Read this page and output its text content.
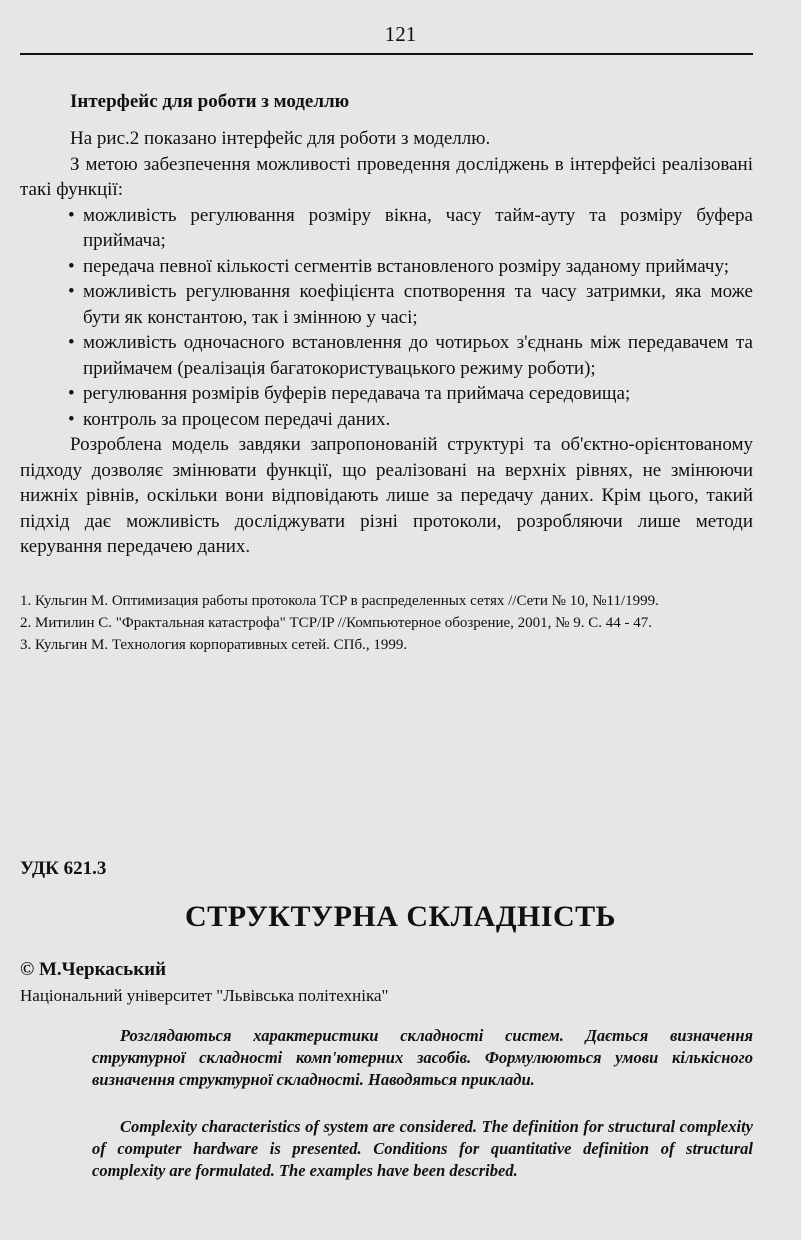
121
Інтерфейс для роботи з моделлю

На рис.2 показано інтерфейс для роботи з моделлю.

З метою забезпечення можливості проведення досліджень в інтерфейсі реалізовані такі функції:

• можливість регулювання розміру вікна, часу тайм-ауту та розміру буфера приймача;
• передача певної кількості сегментів встановленого розміру заданому приймачу;
• можливість регулювання коефіцієнта спотворення та часу затримки, яка може бути як константою, так і змінною у часі;
• можливість одночасного встановлення до чотирьох з'єднань між передавачем та приймачем (реалізація багатокористувацького режиму роботи);
• регулювання розмірів буферів передавача та приймача середовища;
• контроль за процесом передачі даних.

Розроблена модель завдяки запропонованій структурі та об'єктно-орієнтованому підходу дозволяє змінювати функції, що реалізовані на верхніх рівнях, не змінюючи нижніх рівнів, оскільки вони відповідають лише за передачу даних. Крім цього, такий підхід дає можливість досліджувати різні протоколи, розробляючи лише методи керування передачею даних.

1. Кульгин М. Оптимизация работы протокола TCP в распределенных сетях //Сети № 10, №11/1999.
2. Митилин С. "Фрактальная катастрофа" TCP/IP //Компьютерное обозрение, 2001, № 9. С. 44 - 47.
3. Кульгин М. Технология корпоративных сетей. СПб., 1999.
УДК 621.3
СТРУКТУРНА СКЛАДНІСТЬ
© М.Черкаський
Національний університет "Львівська політехніка"
Розглядаються характеристики складності систем. Дається визначення структурної складності комп'ютерних засобів. Формулюються умови кількісного визначення структурної складності. Наводяться приклади.
Complexity characteristics of system are considered. The definition for structural complexity of computer hardware is presented. Conditions for quantitative definition of structural complexity are formulated. The examples have been described.
